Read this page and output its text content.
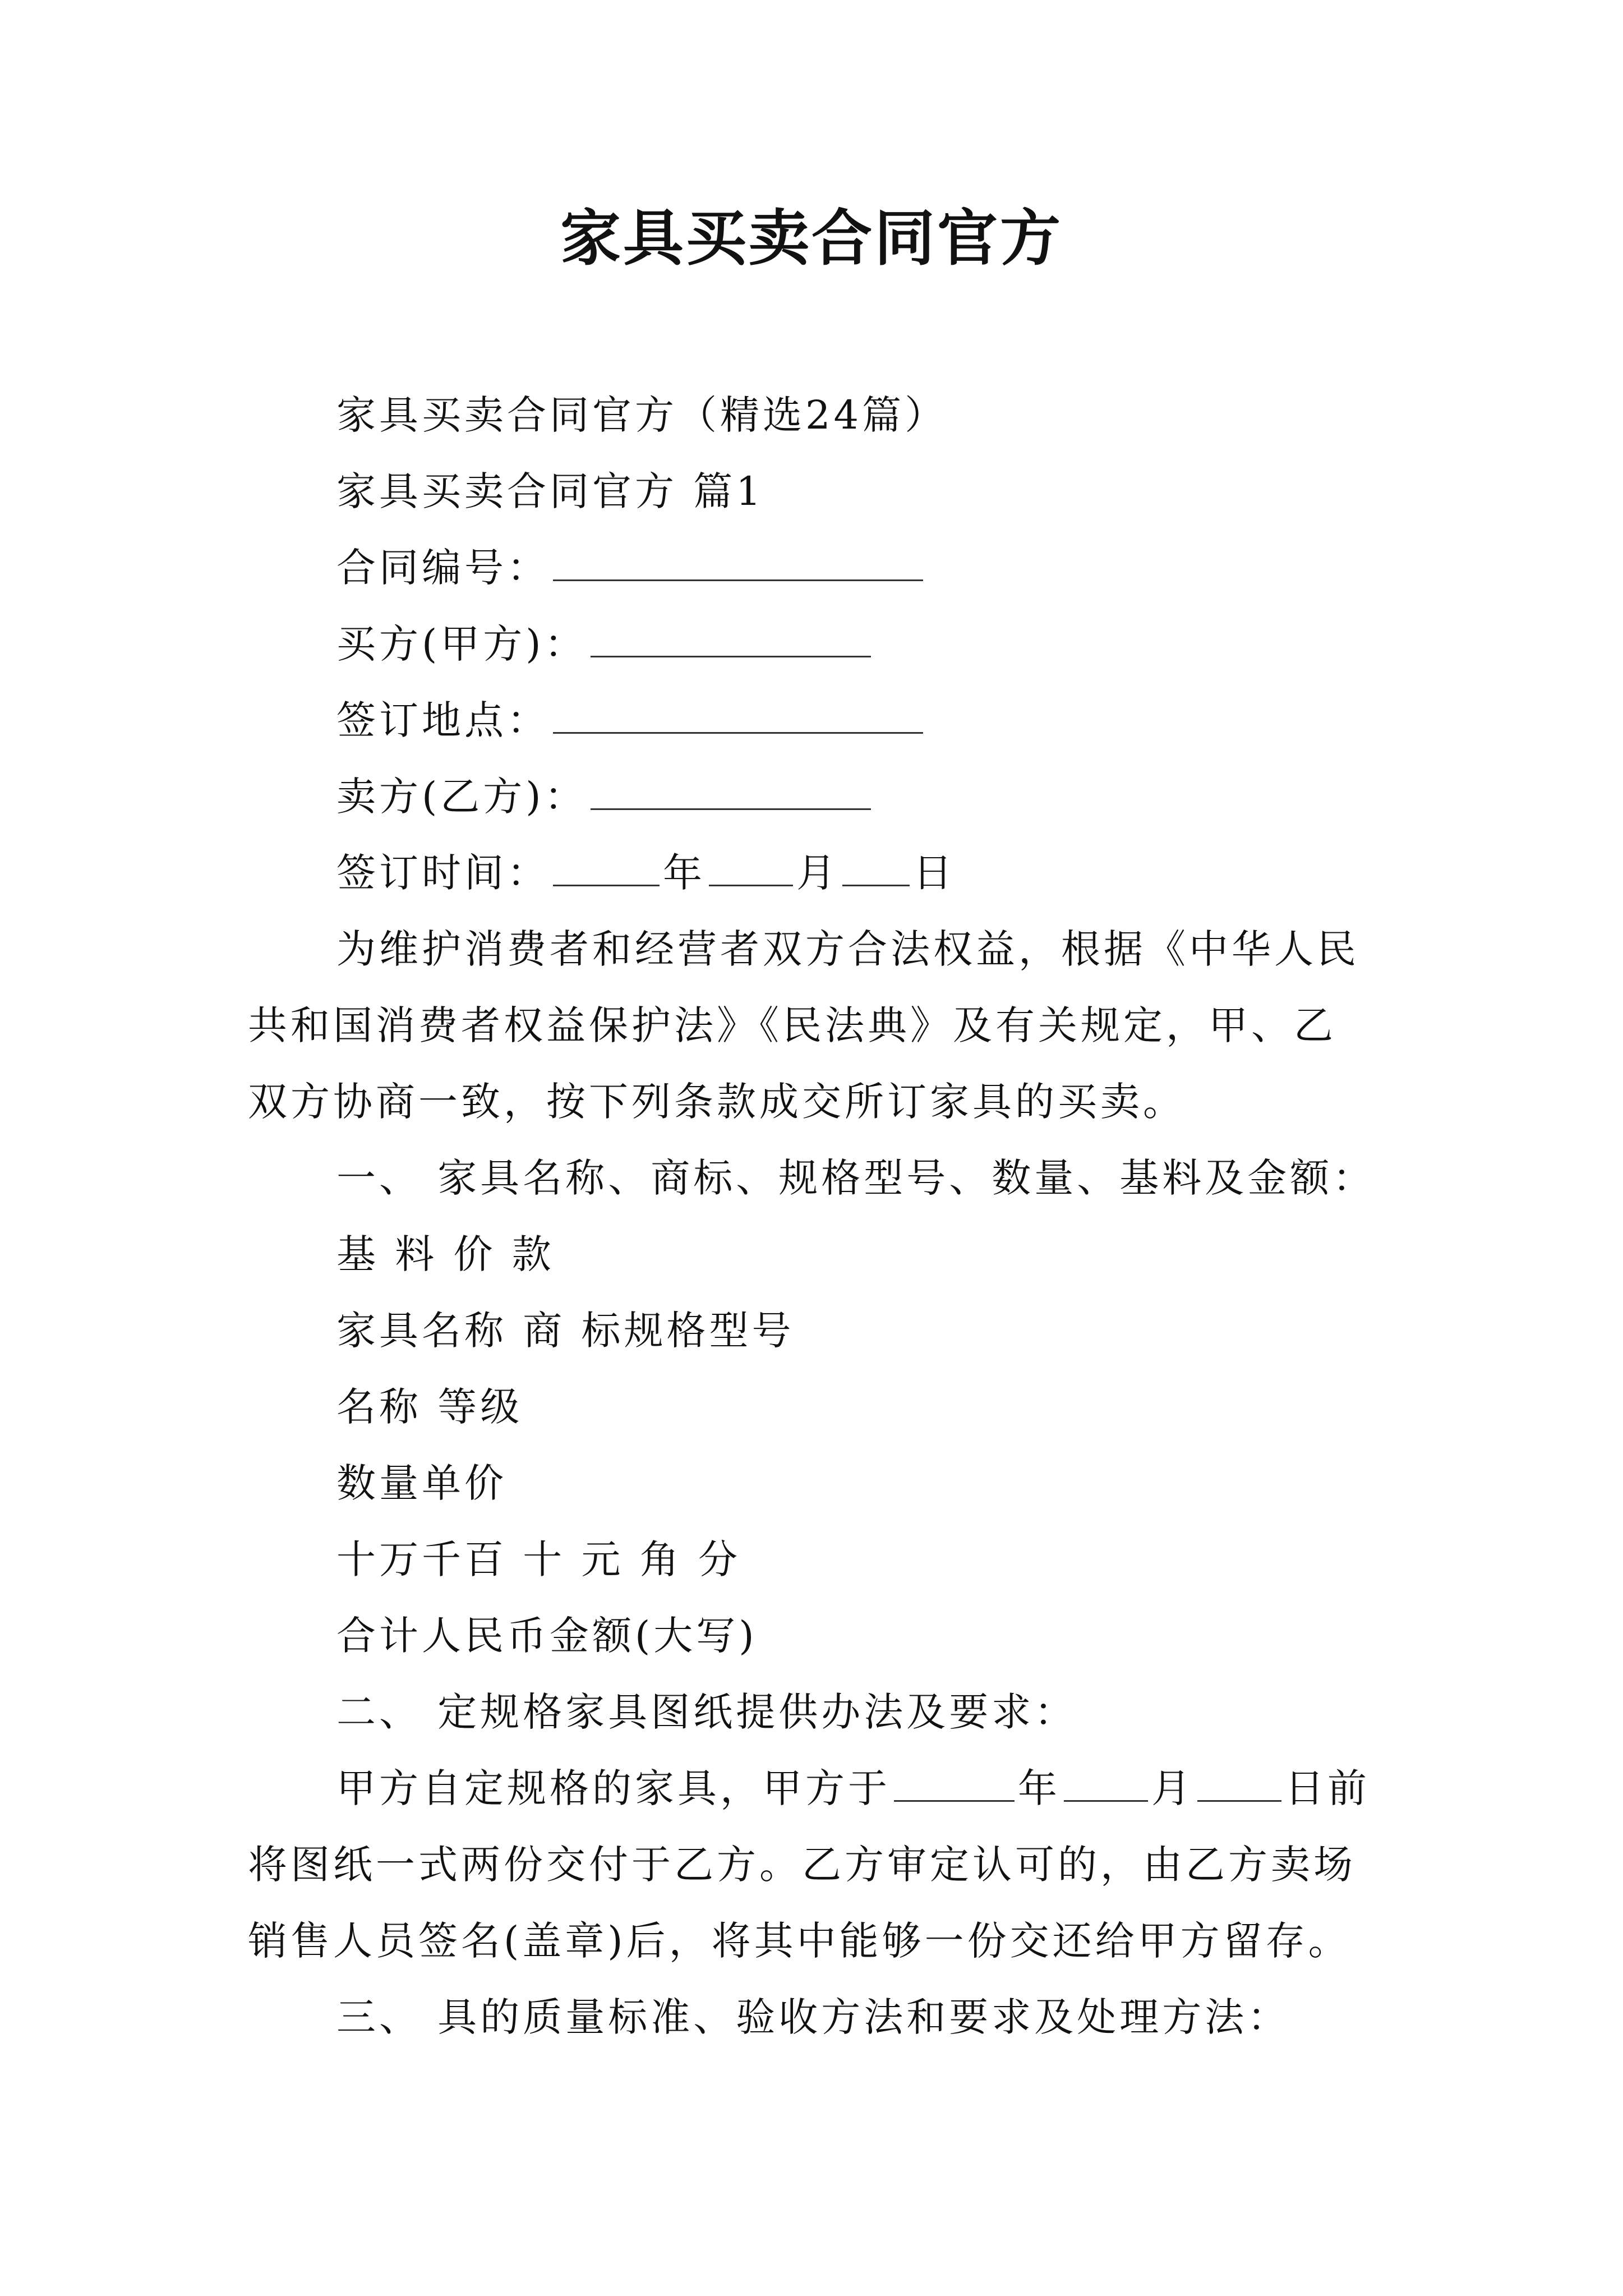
家具买卖合同官方
家具买卖合同官方（精选24篇）
家具买卖合同官方 篇1
合同编号：
买方(甲方)：
签订地点：
卖方(乙方)：
签订时间：	年 月 日
为维护消费者和经营者双方合法权益，根据《中华人民
共和国消费者权益保护法》《民法典》及有关规定，甲、乙
双方协商一致，按下列条款成交所订家具的买卖。
一、 家具名称、商标、规格型号、数量、基料及金额：
基 料 价 款
家具名称 商 标规格型号
名称 等级
数量单价
十万千百 十 元 角 分
合计人民币金额(大写)
二、 定规格家具图纸提供办法及要求：
甲方自定规格的家具，甲方于	年 月 日前
将图纸一式两份交付于乙方。乙方审定认可的，由乙方卖场
销售人员签名(盖章)后，将其中能够一份交还给甲方留存。
三、 具的质量标准、验收方法和要求及处理方法：
